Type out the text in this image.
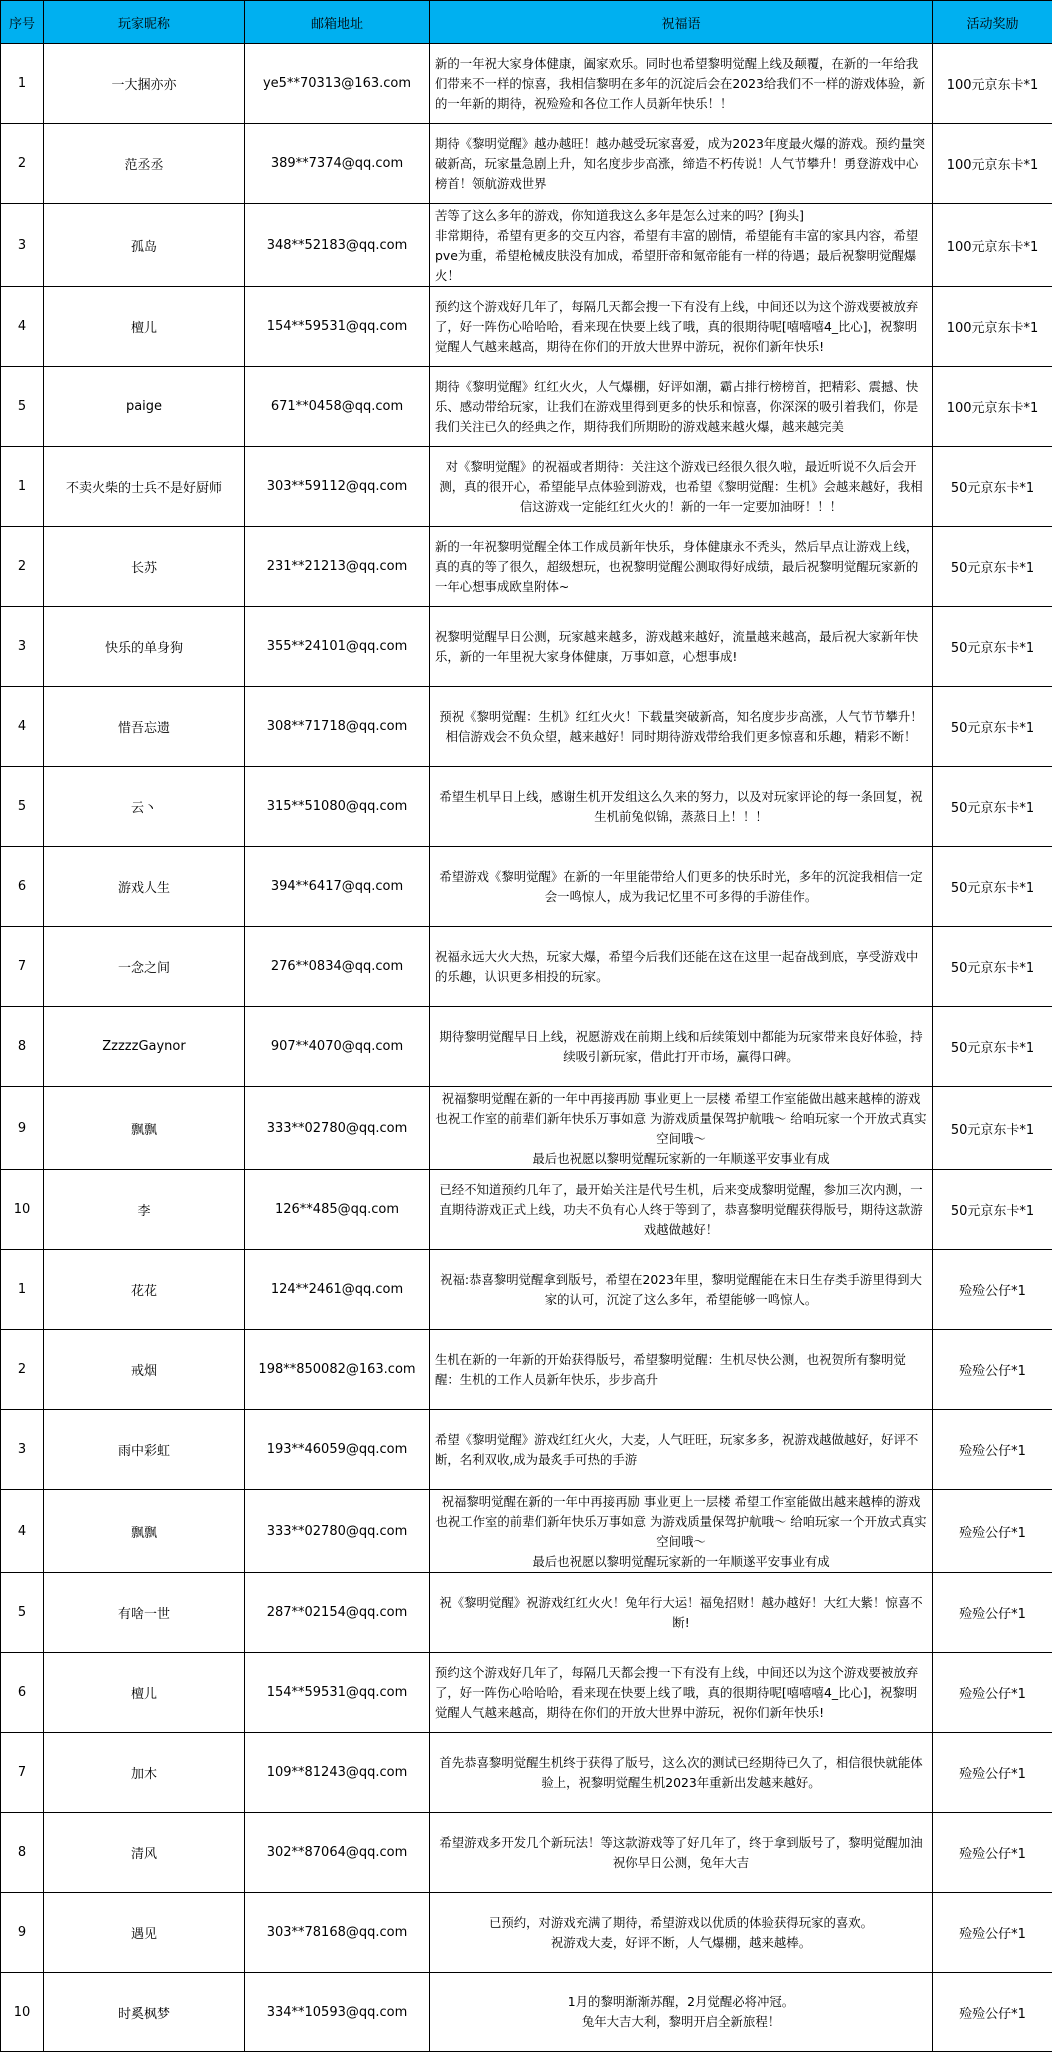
序号	玩家昵称	邮箱地址	祝福语	活动奖励
1	一大捆亦亦	ye5**70313@163.com	新的一年祝大家身体健康，阖家欢乐。同时也希望黎明觉醒上线及颠覆，在新的一年给我们带来不一样的惊喜，我相信黎明在多年的沉淀后会在2023给我们不一样的游戏体验，新的一年新的期待，祝殓殓和各位工作人员新年快乐！！	100元京东卡*1
2	范丞丞	389**7374@qq.com	期待《黎明觉醒》越办越旺！越办越受玩家喜爱，成为2023年度最火爆的游戏。预约量突破新高，玩家量急剧上升，知名度步步高涨，缔造不朽传说！人气节攀升！勇登游戏中心榜首！领航游戏世界	100元京东卡*1
3	孤岛	348**52183@qq.com	苦等了这么多年的游戏，你知道我这么多年是怎么过来的吗？[狗头]
非常期待，希望有更多的交互内容，希望有丰富的剧情，希望能有丰富的家具内容，希望pve为重，希望枪械皮肤没有加成，希望肝帝和氪帝能有一样的待遇；最后祝黎明觉醒爆火！	100元京东卡*1
4	檀儿	154**59531@qq.com	预约这个游戏好几年了，每隔几天都会搜一下有没有上线，中间还以为这个游戏要被放弃了，好一阵伤心哈哈哈，看来现在快要上线了哦，真的很期待呢[嘻嘻嘻4_比心]，祝黎明觉醒人气越来越高，期待在你们的开放大世界中游玩，祝你们新年快乐!	100元京东卡*1
5	paige	671**0458@qq.com	期待《黎明觉醒》红红火火，人气爆棚，好评如潮，霸占排行榜榜首，把精彩、震撼、快乐、感动带给玩家，让我们在游戏里得到更多的快乐和惊喜，你深深的吸引着我们，你是我们关注已久的经典之作，期待我们所期盼的游戏越来越火爆，越来越完美	100元京东卡*1
1	不卖火柴的士兵不是好厨师	303**59112@qq.com	对《黎明觉醒》的祝福或者期待：关注这个游戏已经很久很久啦，最近听说不久后会开测，真的很开心，希望能早点体验到游戏，也希望《黎明觉醒：生机》会越来越好，我相信这游戏一定能红红火火的！新的一年一定要加油呀！！！	50元京东卡*1
2	长苏	231**21213@qq.com	新的一年祝黎明觉醒全体工作成员新年快乐，身体健康永不秃头，然后早点让游戏上线，真的真的等了很久，超级想玩，也祝黎明觉醒公测取得好成绩，最后祝黎明觉醒玩家新的一年心想事成欧皇附体~	50元京东卡*1
3	快乐的单身狗	355**24101@qq.com	祝黎明觉醒早日公测，玩家越来越多，游戏越来越好，流量越来越高，最后祝大家新年快乐，新的一年里祝大家身体健康，万事如意，心想事成!	50元京东卡*1
4	惜吾忘遗	308**71718@qq.com	预祝《黎明觉醒：生机》红红火火！下载量突破新高，知名度步步高涨，人气节节攀升！相信游戏会不负众望，越来越好！同时期待游戏带给我们更多惊喜和乐趣，精彩不断！	50元京东卡*1
5	云丶	315**51080@qq.com	希望生机早日上线，感谢生机开发组这么久来的努力，以及对玩家评论的每一条回复，祝生机前兔似锦，蒸蒸日上！！！	50元京东卡*1
6	游戏人生	394**6417@qq.com	希望游戏《黎明觉醒》在新的一年里能带给人们更多的快乐时光，多年的沉淀我相信一定会一鸣惊人，成为我记忆里不可多得的手游佳作。	50元京东卡*1
7	一念之间	276**0834@qq.com	祝福永远大火大热，玩家大爆，希望今后我们还能在这在这里一起奋战到底，享受游戏中的乐趣，认识更多相投的玩家。	50元京东卡*1
8	ZzzzzGaynor	907**4070@qq.com	期待黎明觉醒早日上线，祝愿游戏在前期上线和后续策划中都能为玩家带来良好体验，持续吸引新玩家，借此打开市场，赢得口碑。	50元京东卡*1
9	飘飘	333**02780@qq.com	祝福黎明觉醒在新的一年中再接再励 事业更上一层楼 希望工作室能做出越来越棒的游戏 也祝工作室的前辈们新年快乐万事如意 为游戏质量保驾护航哦～ 给咱玩家一个开放式真实空间哦～
最后也祝愿以黎明觉醒玩家新的一年顺遂平安事业有成	50元京东卡*1
10	李	126**485@qq.com	已经不知道预约几年了，最开始关注是代号生机，后来变成黎明觉醒，参加三次内测，一直期待游戏正式上线，功夫不负有心人终于等到了，恭喜黎明觉醒获得版号，期待这款游戏越做越好！	50元京东卡*1
1	花花	124**2461@qq.com	祝福:恭喜黎明觉醒拿到版号，希望在2023年里，黎明觉醒能在末日生存类手游里得到大家的认可，沉淀了这么多年，希望能够一鸣惊人。	殓殓公仔*1
2	戒烟	198**850082@163.com	生机在新的一年新的开始获得版号，希望黎明觉醒：生机尽快公测，也祝贺所有黎明觉醒：生机的工作人员新年快乐，步步高升	殓殓公仔*1
3	雨中彩虹	193**46059@qq.com	希望《黎明觉醒》游戏红红火火，大麦，人气旺旺，玩家多多，祝游戏越做越好，好评不断，名利双收,成为最炙手可热的手游	殓殓公仔*1
4	飘飘	333**02780@qq.com	祝福黎明觉醒在新的一年中再接再励 事业更上一层楼 希望工作室能做出越来越棒的游戏 也祝工作室的前辈们新年快乐万事如意 为游戏质量保驾护航哦～ 给咱玩家一个开放式真实空间哦～
最后也祝愿以黎明觉醒玩家新的一年顺遂平安事业有成	殓殓公仔*1
5	有啥一世	287**02154@qq.com	祝《黎明觉醒》祝游戏红红火火！兔年行大运！福兔招财！越办越好！大红大紫！惊喜不断!	殓殓公仔*1
6	檀儿	154**59531@qq.com	预约这个游戏好几年了，每隔几天都会搜一下有没有上线，中间还以为这个游戏要被放弃了，好一阵伤心哈哈哈，看来现在快要上线了哦，真的很期待呢[嘻嘻嘻4_比心]，祝黎明觉醒人气越来越高，期待在你们的开放大世界中游玩，祝你们新年快乐!	殓殓公仔*1
7	加木	109**81243@qq.com	首先恭喜黎明觉醒生机终于获得了版号，这么次的测试已经期待已久了，相信很快就能体验上，祝黎明觉醒生机2023年重新出发越来越好。	殓殓公仔*1
8	清风	302**87064@qq.com	希望游戏多开发几个新玩法！等这款游戏等了好几年了，终于拿到版号了，黎明觉醒加油祝你早日公测，兔年大吉	殓殓公仔*1
9	遇见	303**78168@qq.com	已预约，对游戏充满了期待，希望游戏以优质的体验获得玩家的喜欢。
祝游戏大麦，好评不断，人气爆棚，越来越棒。	殓殓公仔*1
10	时奚枫梦	334**10593@qq.com	1月的黎明渐渐苏醒，2月觉醒必将冲冠。
兔年大吉大利，黎明开启全新旅程！	殓殓公仔*1
